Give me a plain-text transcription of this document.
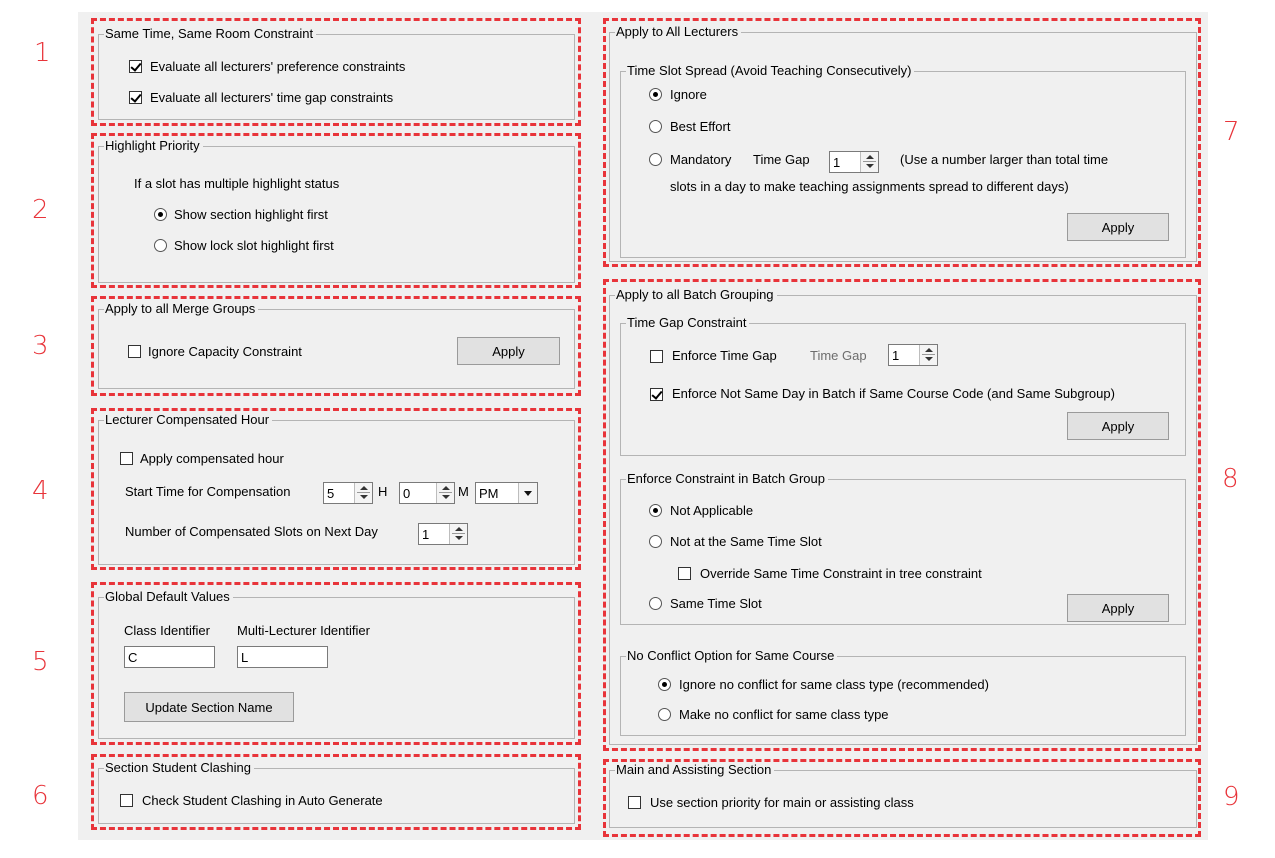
1
2
3
4
5
6
7
8
9
Same Time, Same Room Constraint
Evaluate all lecturers' preference constraints
Evaluate all lecturers' time gap constraints
Highlight Priority
If a slot has multiple highlight status
Show section highlight first
Show lock slot highlight first
Apply to all Merge Groups
Ignore Capacity Constraint	Apply
Lecturer Compensated Hour
Apply compensated hour
Start Time for Compensation	5	H 0	M PM
Number of Compensated Slots on Next Day	1
Global Default Values
Class Identifier Multi-Lecturer Identifier
C	L
Update Section Name
Section Student Clashing
Check Student Clashing in Auto Generate
Apply to All Lecturers
Time Slot Spread (Avoid Teaching Consecutively)
Ignore
Best Effort
Mandatory Time Gap 1	(Use a number larger than total time
slots in a day to make teaching assignments spread to different days)
Apply
Apply to all Batch Grouping
Time Gap Constraint
Enforce Time Gap	Time Gap 1
Enforce Not Same Day in Batch if Same Course Code (and Same Subgroup)
Apply
Enforce Constraint in Batch Group
Not Applicable
Not at the Same Time Slot
Override Same Time Constraint in tree constraint
Same Time Slot	Apply
No Conflict Option for Same Course
Ignore no conflict for same class type (recommended)
Make no conflict for same class type
Main and Assisting Section
Use section priority for main or assisting class
